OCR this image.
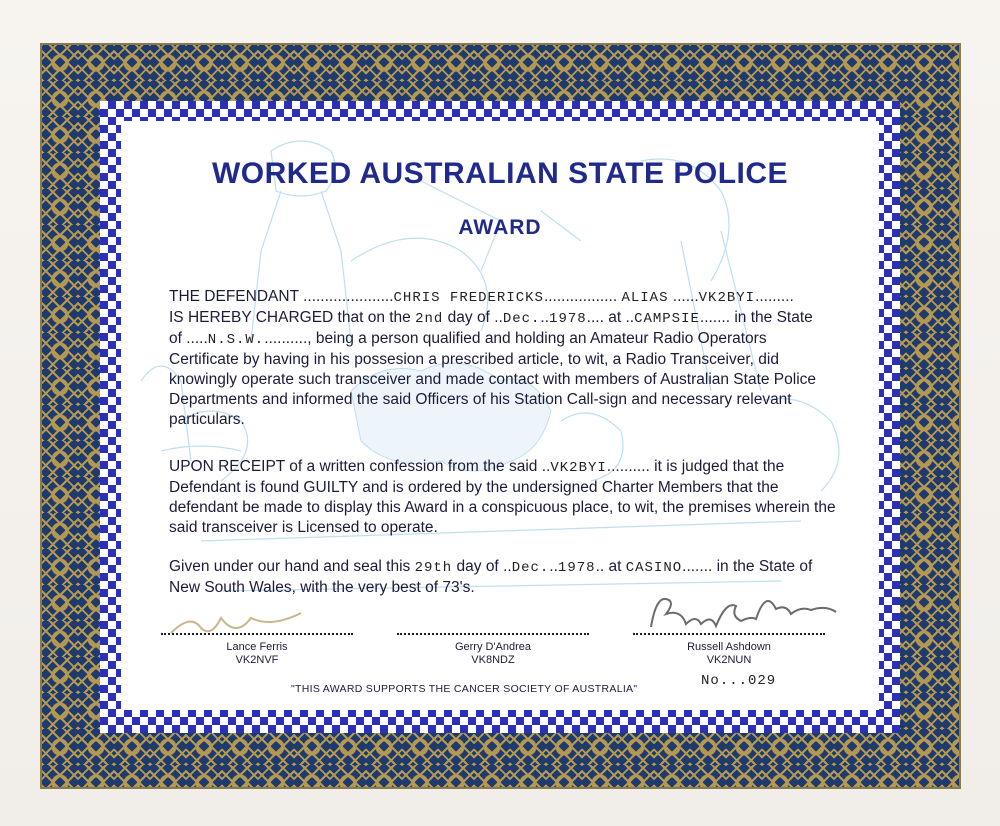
WORKED AUSTRALIAN STATE POLICE
AWARD
THE DEFENDANT .....................CHRIS FREDERICKS................. ALIAS ......VK2BYI.........
IS HEREBY CHARGED that on the 2nd day of ..Dec...1978.... at ..CAMPSIE....... in the State
of .....N.S.W..........., being a person qualified and holding an Amateur Radio Operators Certificate by having in his possesion a prescribed article, to wit, a Radio Transceiver, did knowingly operate such transceiver and made contact with members of Australian State Police Departments and informed the said Officers of his Station Call-sign and necessary relevant particulars.
UPON RECEIPT of a written confession from the said ..VK2BYI.......... it is judged that the Defendant is found GUILTY and is ordered by the undersigned Charter Members that the defendant be made to display this Award in a conspicuous place, to wit, the premises wherein the said transceiver is Licensed to operate.
Given under our hand and seal this 29th day of ..Dec...1978.. at CASINO....... in the State of New South Wales, with the very best of 73's.
Lance Ferris
VK2NVF
Gerry D'Andrea
VK8NDZ
Russell Ashdown
VK2NUN
"THIS AWARD SUPPORTS THE CANCER SOCIETY OF AUSTRALIA"	No...029
